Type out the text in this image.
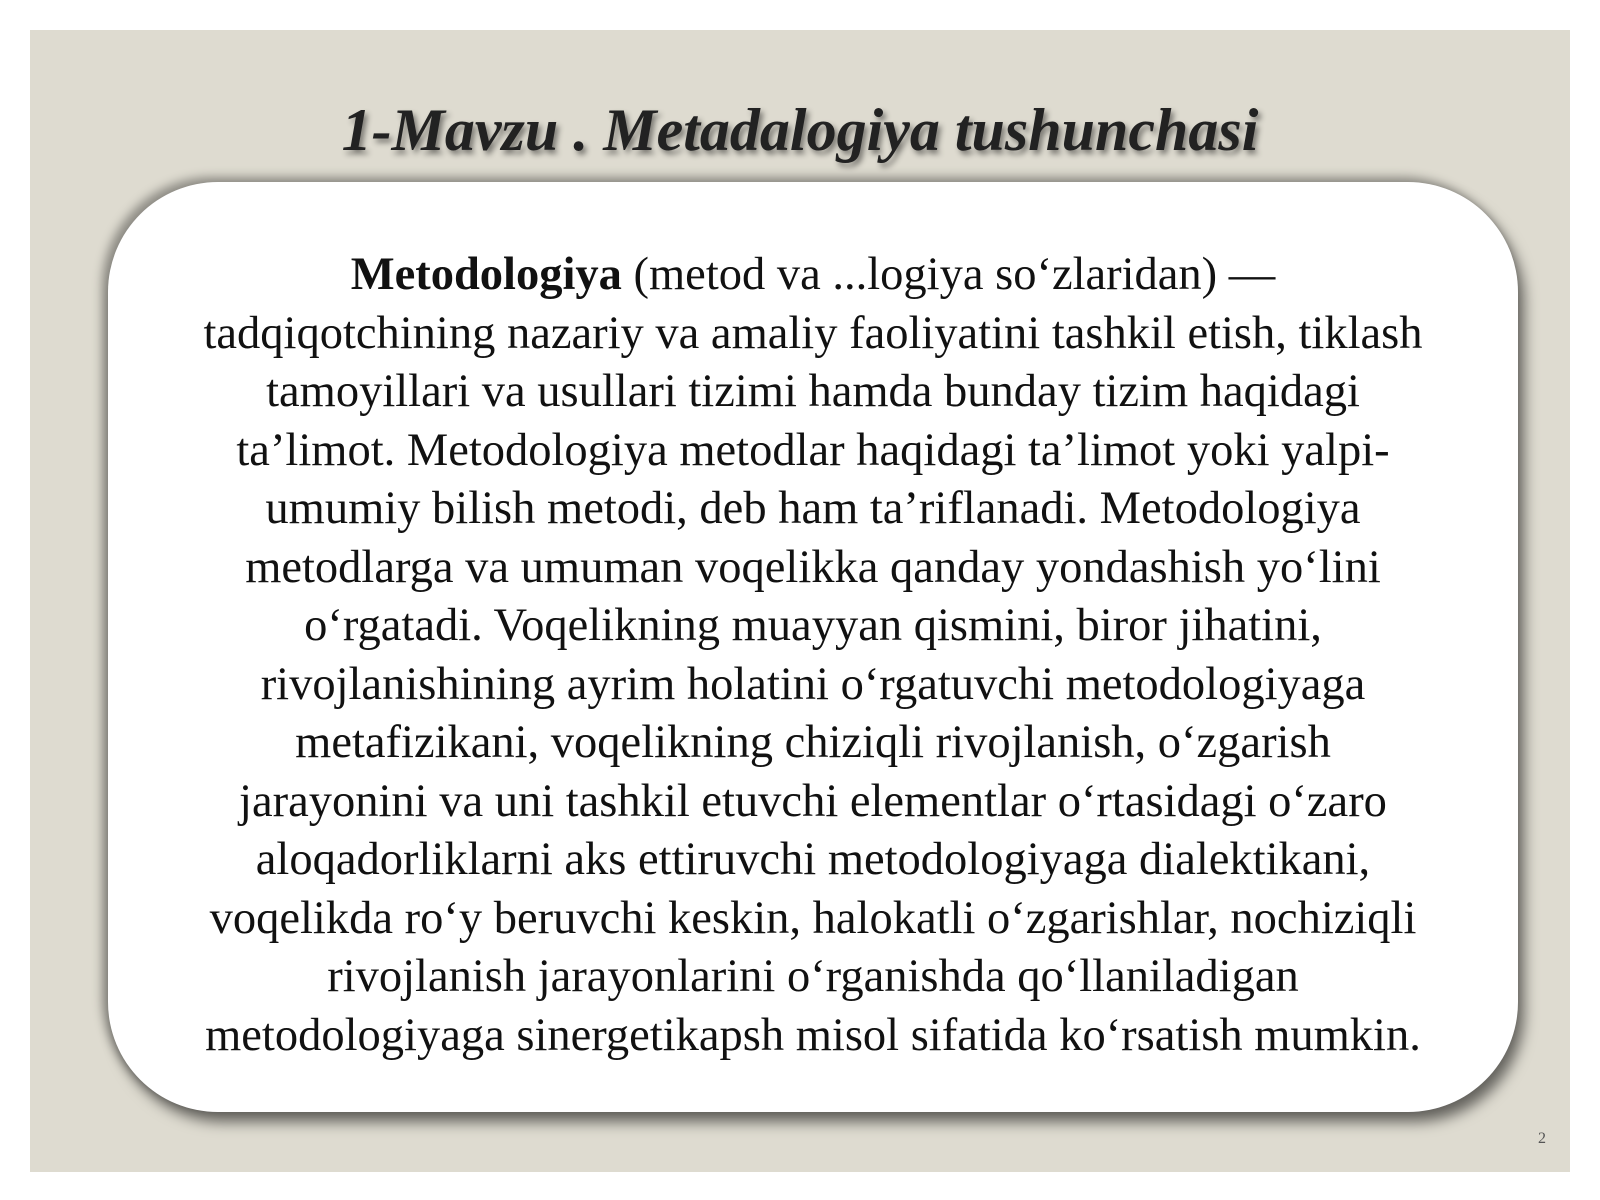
1-Mavzu . Metadalogiya tushunchasi

Metodologiya (metod va ...logiya so‘zlaridan) —
tadqiqotchining nazariy va amaliy faoliyatini tashkil etish, tiklash
tamoyillari va usullari tizimi hamda bunday tizim haqidagi
ta’limot. Metodologiya metodlar haqidagi ta’limot yoki yalpi-
umumiy bilish metodi, deb ham ta’riflanadi. Metodologiya
metodlarga va umuman voqelikka qanday yondashish yo‘lini
o‘rgatadi. Voqelikning muayyan qismini, biror jihatini,
rivojlanishining ayrim holatini o‘rgatuvchi metodologiyaga
metafizikani, voqelikning chiziqli rivojlanish, o‘zgarish
jarayonini va uni tashkil etuvchi elementlar o‘rtasidagi o‘zaro
aloqadorliklarni aks ettiruvchi metodologiyaga dialektikani,
voqelikda ro‘y beruvchi keskin, halokatli o‘zgarishlar, nochiziqli
rivojlanish jarayonlarini o‘rganishda qo‘llaniladigan
metodologiyaga sinergetikapsh misol sifatida ko‘rsatish mumkin.

2
